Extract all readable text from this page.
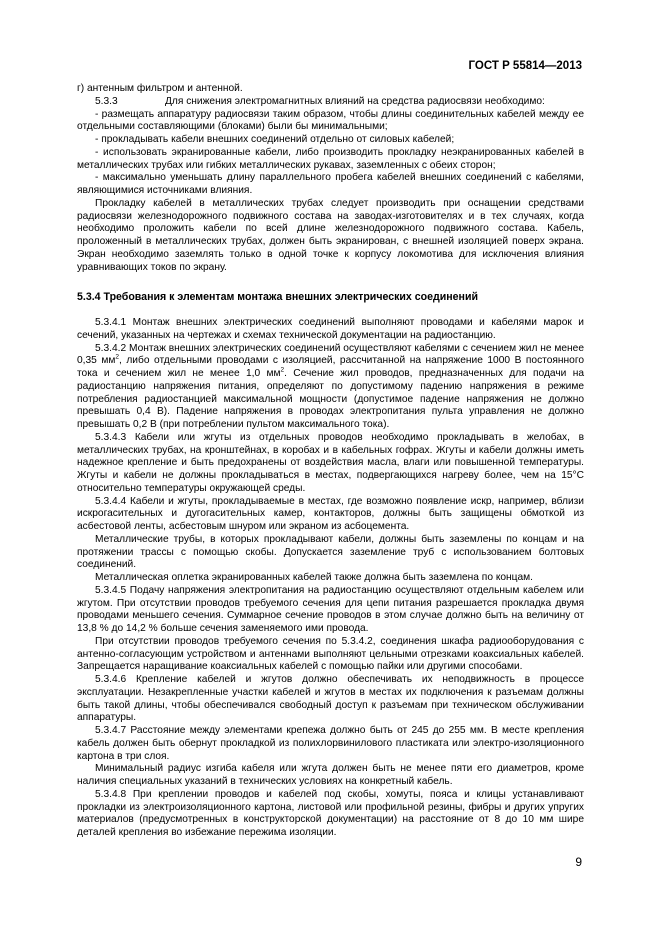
ГОСТ Р 55814—2013

г) антенным фильтром и антенной.

5.3.3	Для снижения электромагнитных влияний на средства радиосвязи необходимо:

- размещать аппаратуру радиосвязи таким образом, чтобы длины соединительных кабелей между ее отдельными составляющими (блоками) были бы минимальными;

- прокладывать кабели внешних соединений отдельно от силовых кабелей;

- использовать экранированные кабели, либо производить прокладку неэкранированных кабелей в металлических трубах или гибких металлических рукавах, заземленных с обеих сторон;

- максимально уменьшать длину параллельного пробега кабелей внешних соединений с кабелями, являющимися источниками влияния.

Прокладку кабелей в металлических трубах следует производить при оснащении средствами радиосвязи железнодорожного подвижного состава на заводах-изготовителях и в тех случаях, когда необходимо проложить кабели по всей длине железнодорожного подвижного состава. Кабель, проложенный в металлических трубах, должен быть экранирован, с внешней изоляцией поверх экрана. Экран необходимо заземлять только в одной точке к корпусу локомотива для исключения влияния уравнивающих токов по экрану.

5.3.4 Требования к элементам монтажа внешних электрических соединений

5.3.4.1 Монтаж внешних электрических соединений выполняют проводами и кабелями марок и сечений, указанных на чертежах и схемах технической документации на радиостанцию.

5.3.4.2 Монтаж внешних электрических соединений осуществляют кабелями с сечением жил не менее 0,35 $мм^2$, либо отдельными проводами с изоляцией, рассчитанной на напряжение 1000 В постоянного тока и сечением жил не менее 1,0 $мм^2$. Сечение жил проводов, предназначенных для подачи на радиостанцию напряжения питания, определяют по допустимому падению напряжения в режиме потребления радиостанцией максимальной мощности (допустимое падение напряжения не должно превышать 0,4 В). Падение напряжения в проводах электропитания пульта управления не должно превышать 0,2 В (при потреблении пультом максимального тока).

5.3.4.3 Кабели или жгуты из отдельных проводов необходимо прокладывать в желобах, в металлических трубах, на кронштейнах, в коробах и в кабельных гофрах. Жгуты и кабели должны иметь надежное крепление и быть предохранены от воздействия масла, влаги или повышенной температуры. Жгуты и кабели не должны прокладываться в местах, подвергающихся нагреву более, чем на 15°C относительно температуры окружающей среды.

5.3.4.4 Кабели и жгуты, прокладываемые в местах, где возможно появление искр, например, вблизи искрогасительных и дугогасительных камер, контакторов, должны быть защищены обмоткой из асбестовой ленты, асбестовым шнуром или экраном из асбоцемента.

Металлические трубы, в которых прокладывают кабели, должны быть заземлены по концам и на протяжении трассы с помощью скобы. Допускается заземление труб с использованием болтовых соединений.

Металлическая оплетка экранированных кабелей также должна быть заземлена по концам.

5.3.4.5 Подачу напряжения электропитания на радиостанцию осуществляют отдельным кабелем или жгутом. При отсутствии проводов требуемого сечения для цепи питания разрешается прокладка двумя проводами меньшего сечения. Суммарное сечение проводов в этом случае должно быть на величину от 13,8 % до 14,2 % больше сечения заменяемого ими провода.

При отсутствии проводов требуемого сечения по 5.3.4.2, соединения шкафа радиооборудования с антенно-согласующим устройством и антеннами выполняют цельными отрезками коаксиальных кабелей. Запрещается наращивание коаксиальных кабелей с помощью пайки или другими способами.

5.3.4.6 Крепление кабелей и жгутов должно обеспечивать их неподвижность в процессе эксплуатации. Незакрепленные участки кабелей и жгутов в местах их подключения к разъемам должны быть такой длины, чтобы обеспечивался свободный доступ к разъемам при техническом обслуживании аппаратуры.

5.3.4.7 Расстояние между элементами крепежа должно быть от 245 до 255 мм. В месте крепления кабель должен быть обернут прокладкой из полихлорвинилового пластиката или электро-изоляционного картона в три слоя.

Минимальный радиус изгиба кабеля или жгута должен быть не менее пяти его диаметров, кроме наличия специальных указаний в технических условиях на конкретный кабель.

5.3.4.8 При креплении проводов и кабелей под скобы, хомуты, пояса и клицы устанавливают прокладки из электроизоляционного картона, листовой или профильной резины, фибры и других упругих материалов (предусмотренных в конструкторской документации) на расстояние от 8 до 10 мм шире деталей крепления во избежание пережима изоляции.

9
